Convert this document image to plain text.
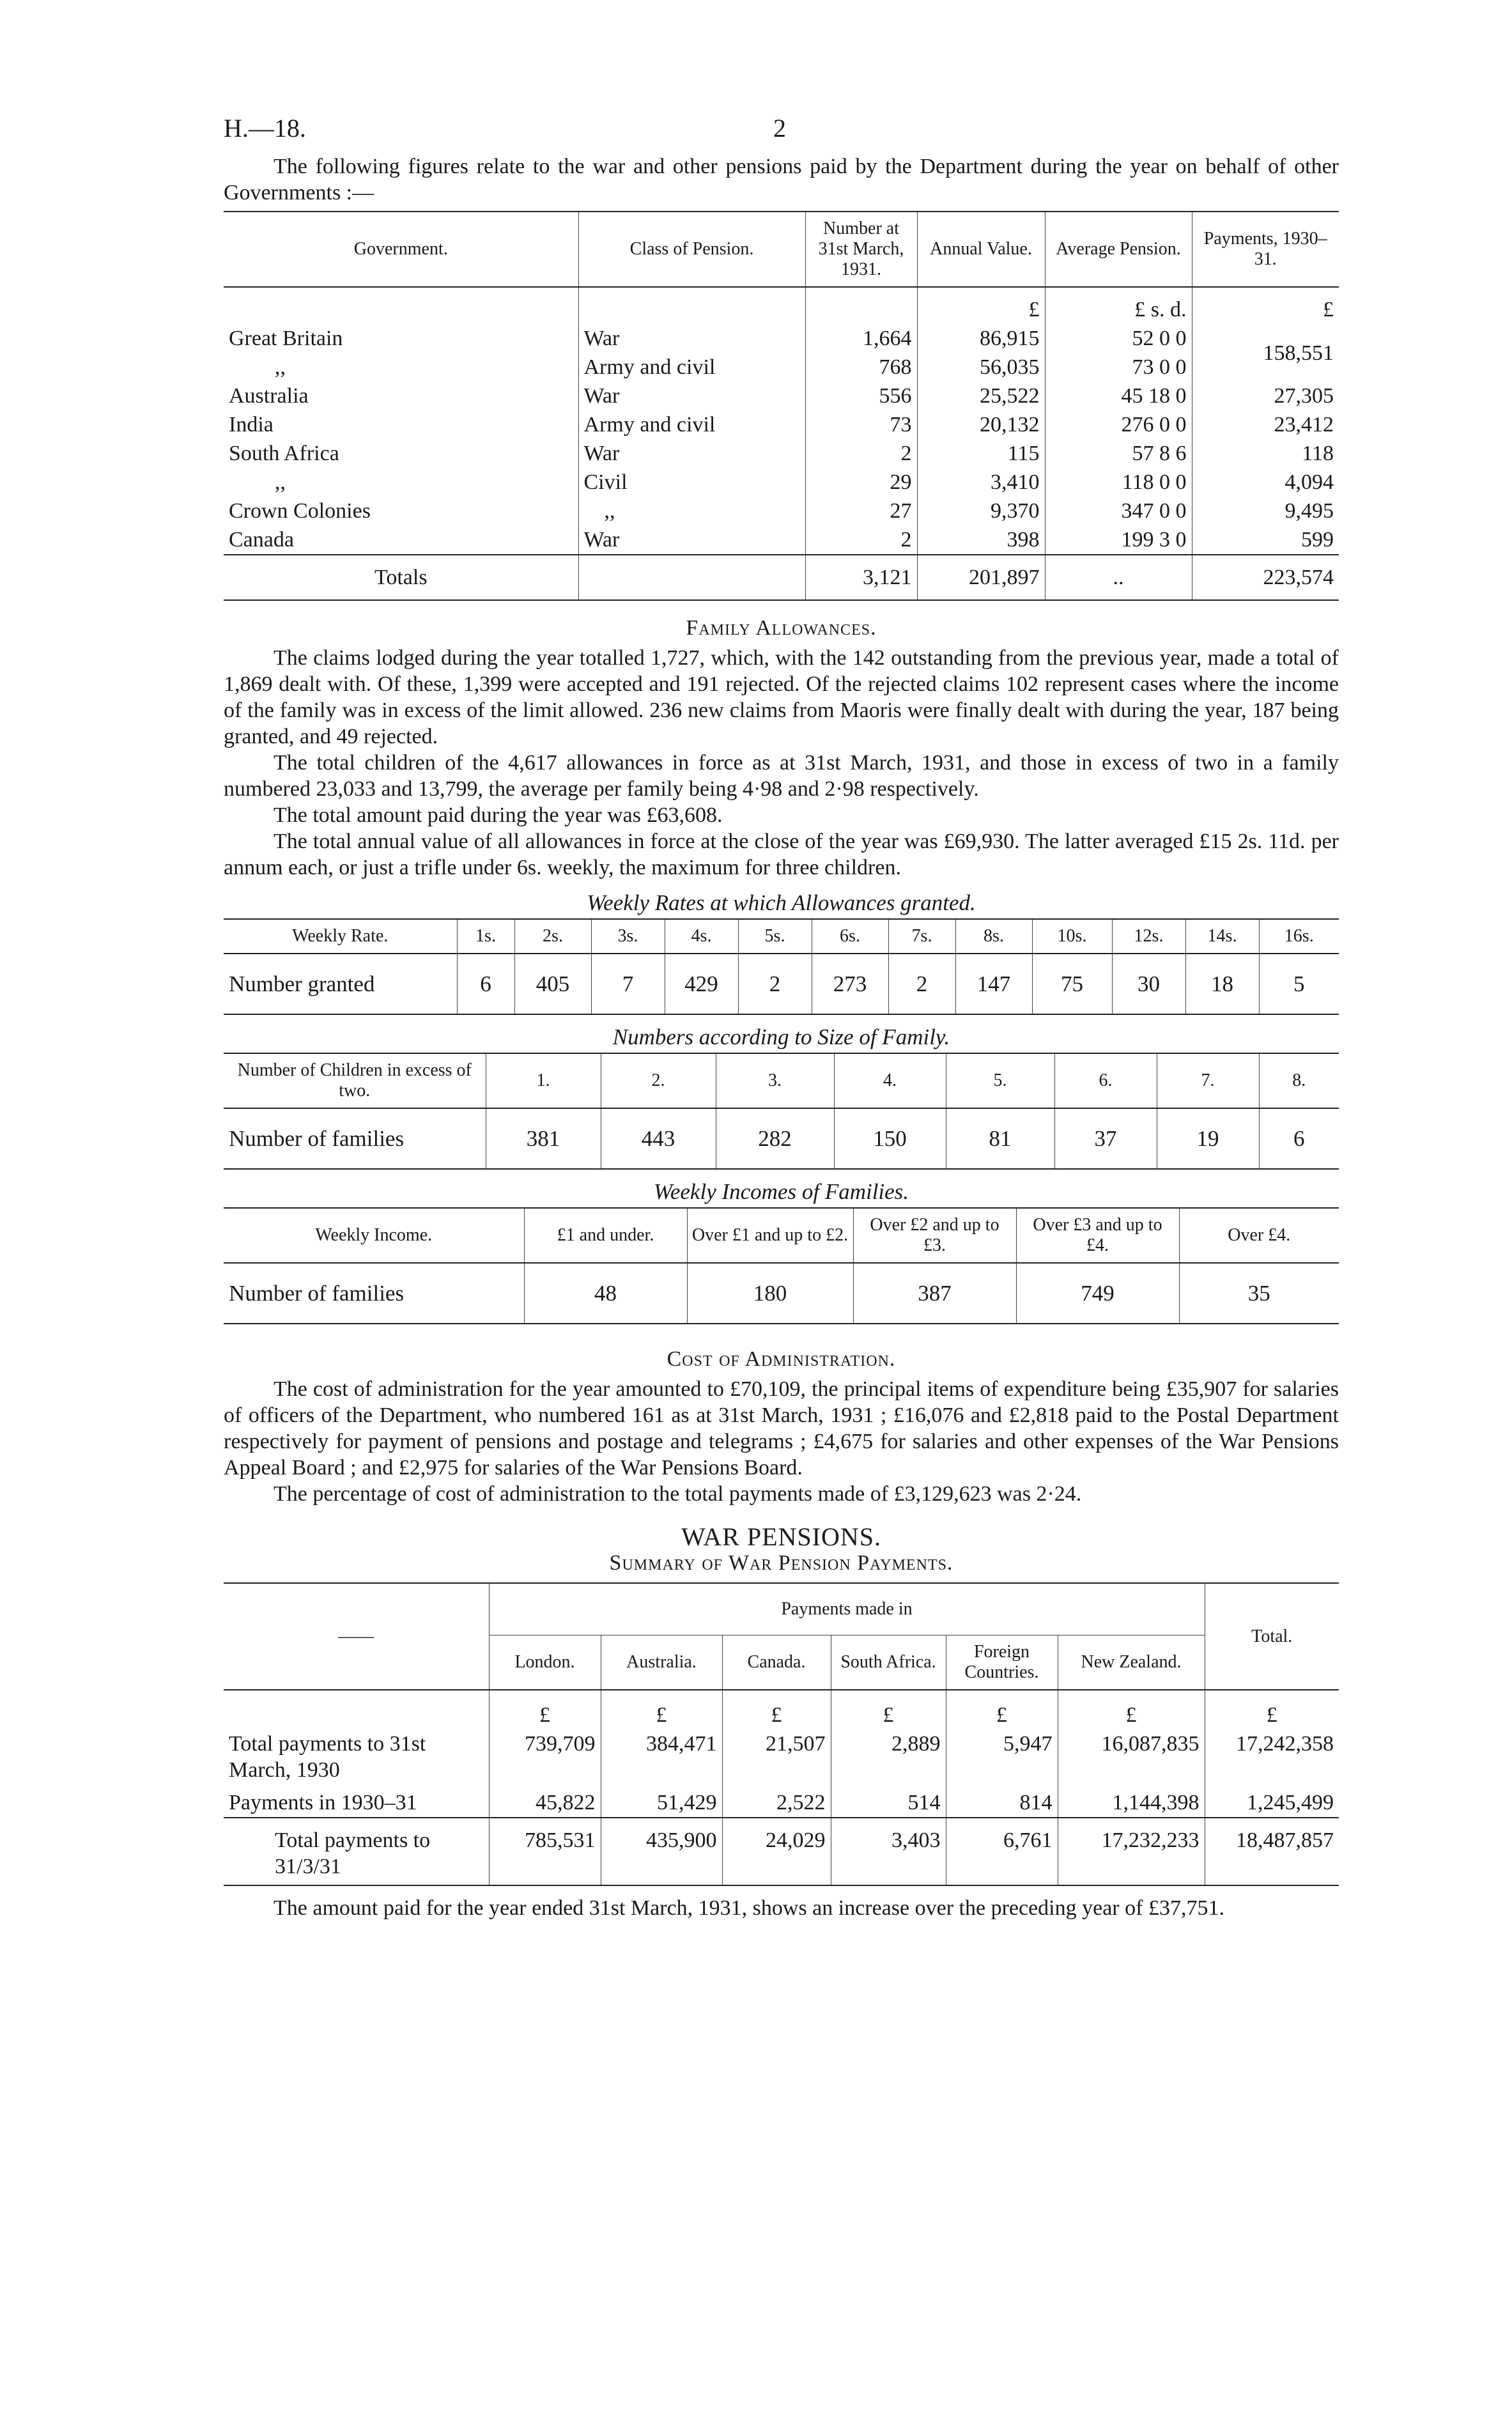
H.—18.	2

The following figures relate to the war and other pensions paid by the Department during the year on behalf of other Governments :—

Government.	Class of Pension.	Number at 31st March, 1931.	Annual Value.	Average Pension.	Payments, 1930–31.
			£	£ s. d.	£
Great Britain	War	1,664	86,915	52 0 0	158,551
,,	Army and civil	768	56,035	73 0 0	
Australia	War	556	25,522	45 18 0	27,305
India	Army and civil	73	20,132	276 0 0	23,412
South Africa	War	2	115	57 8 6	118
,,	Civil	29	3,410	118 0 0	4,094
Crown Colonies	,,	27	9,370	347 0 0	9,495
Canada	War	2	398	199 3 0	599
Totals		3,121	201,897	..	223,574

Family Allowances.

The claims lodged during the year totalled 1,727, which, with the 142 outstanding from the previous year, made a total of 1,869 dealt with. Of these, 1,399 were accepted and 191 rejected. Of the rejected claims 102 represent cases where the income of the family was in excess of the limit allowed. 236 new claims from Maoris were finally dealt with during the year, 187 being granted, and 49 rejected.

The total children of the 4,617 allowances in force as at 31st March, 1931, and those in excess of two in a family numbered 23,033 and 13,799, the average per family being 4·98 and 2·98 respectively.

The total amount paid during the year was £63,608.

The total annual value of all allowances in force at the close of the year was £69,930. The latter averaged £15 2s. 11d. per annum each, or just a trifle under 6s. weekly, the maximum for three children.

Weekly Rates at which Allowances granted.

Weekly Rate.	1s.	2s.	3s.	4s.	5s.	6s.	7s.	8s.	10s.	12s.	14s.	16s.
Number granted	6	405	7	429	2	273	2	147	75	30	18	5

Numbers according to Size of Family.

Number of Children in excess of two.	1.	2.	3.	4.	5.	6.	7.	8.
Number of families	381	443	282	150	81	37	19	6

Weekly Incomes of Families.

Weekly Income.	£1 and under.	Over £1 and up to £2.	Over £2 and up to £3.	Over £3 and up to £4.	Over £4.
Number of families	48	180	387	749	35

Cost of Administration.

The cost of administration for the year amounted to £70,109, the principal items of expenditure being £35,907 for salaries of officers of the Department, who numbered 161 as at 31st March, 1931 ; £16,076 and £2,818 paid to the Postal Department respectively for payment of pensions and postage and telegrams ; £4,675 for salaries and other expenses of the War Pensions Appeal Board ; and £2,975 for salaries of the War Pensions Board.

The percentage of cost of administration to the total payments made of £3,129,623 was 2·24.

WAR PENSIONS.

Summary of War Pension Payments.

——	Payments made in						Total.
	London.	Australia.	Canada.	South Africa.	Foreign Countries.	New Zealand.	
	£	£	£	£	£	£	£
Total payments to 31st March, 1930	739,709	384,471	21,507	2,889	5,947	16,087,835	17,242,358
Payments in 1930–31	45,822	51,429	2,522	514	814	1,144,398	1,245,499
Total payments to 31/3/31	785,531	435,900	24,029	3,403	6,761	17,232,233	18,487,857

The amount paid for the year ended 31st March, 1931, shows an increase over the preceding year of £37,751.
